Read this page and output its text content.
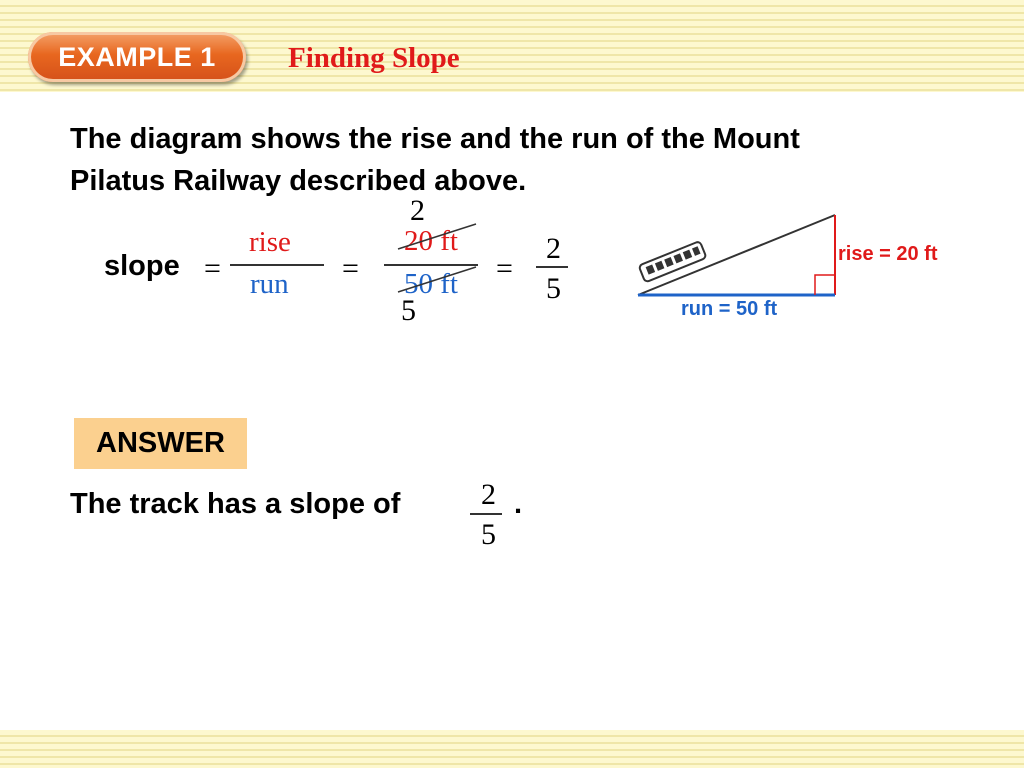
EXAMPLE 1	Finding Slope
The diagram shows the rise and the run of the Mount
Pilatus Railway described above.
slope =
rise
run =
2
20 ft
50 ft
5
=
2
5
rise = 20 ft
run = 50 ft
ANSWER
The track has a slope of	2
5
.
